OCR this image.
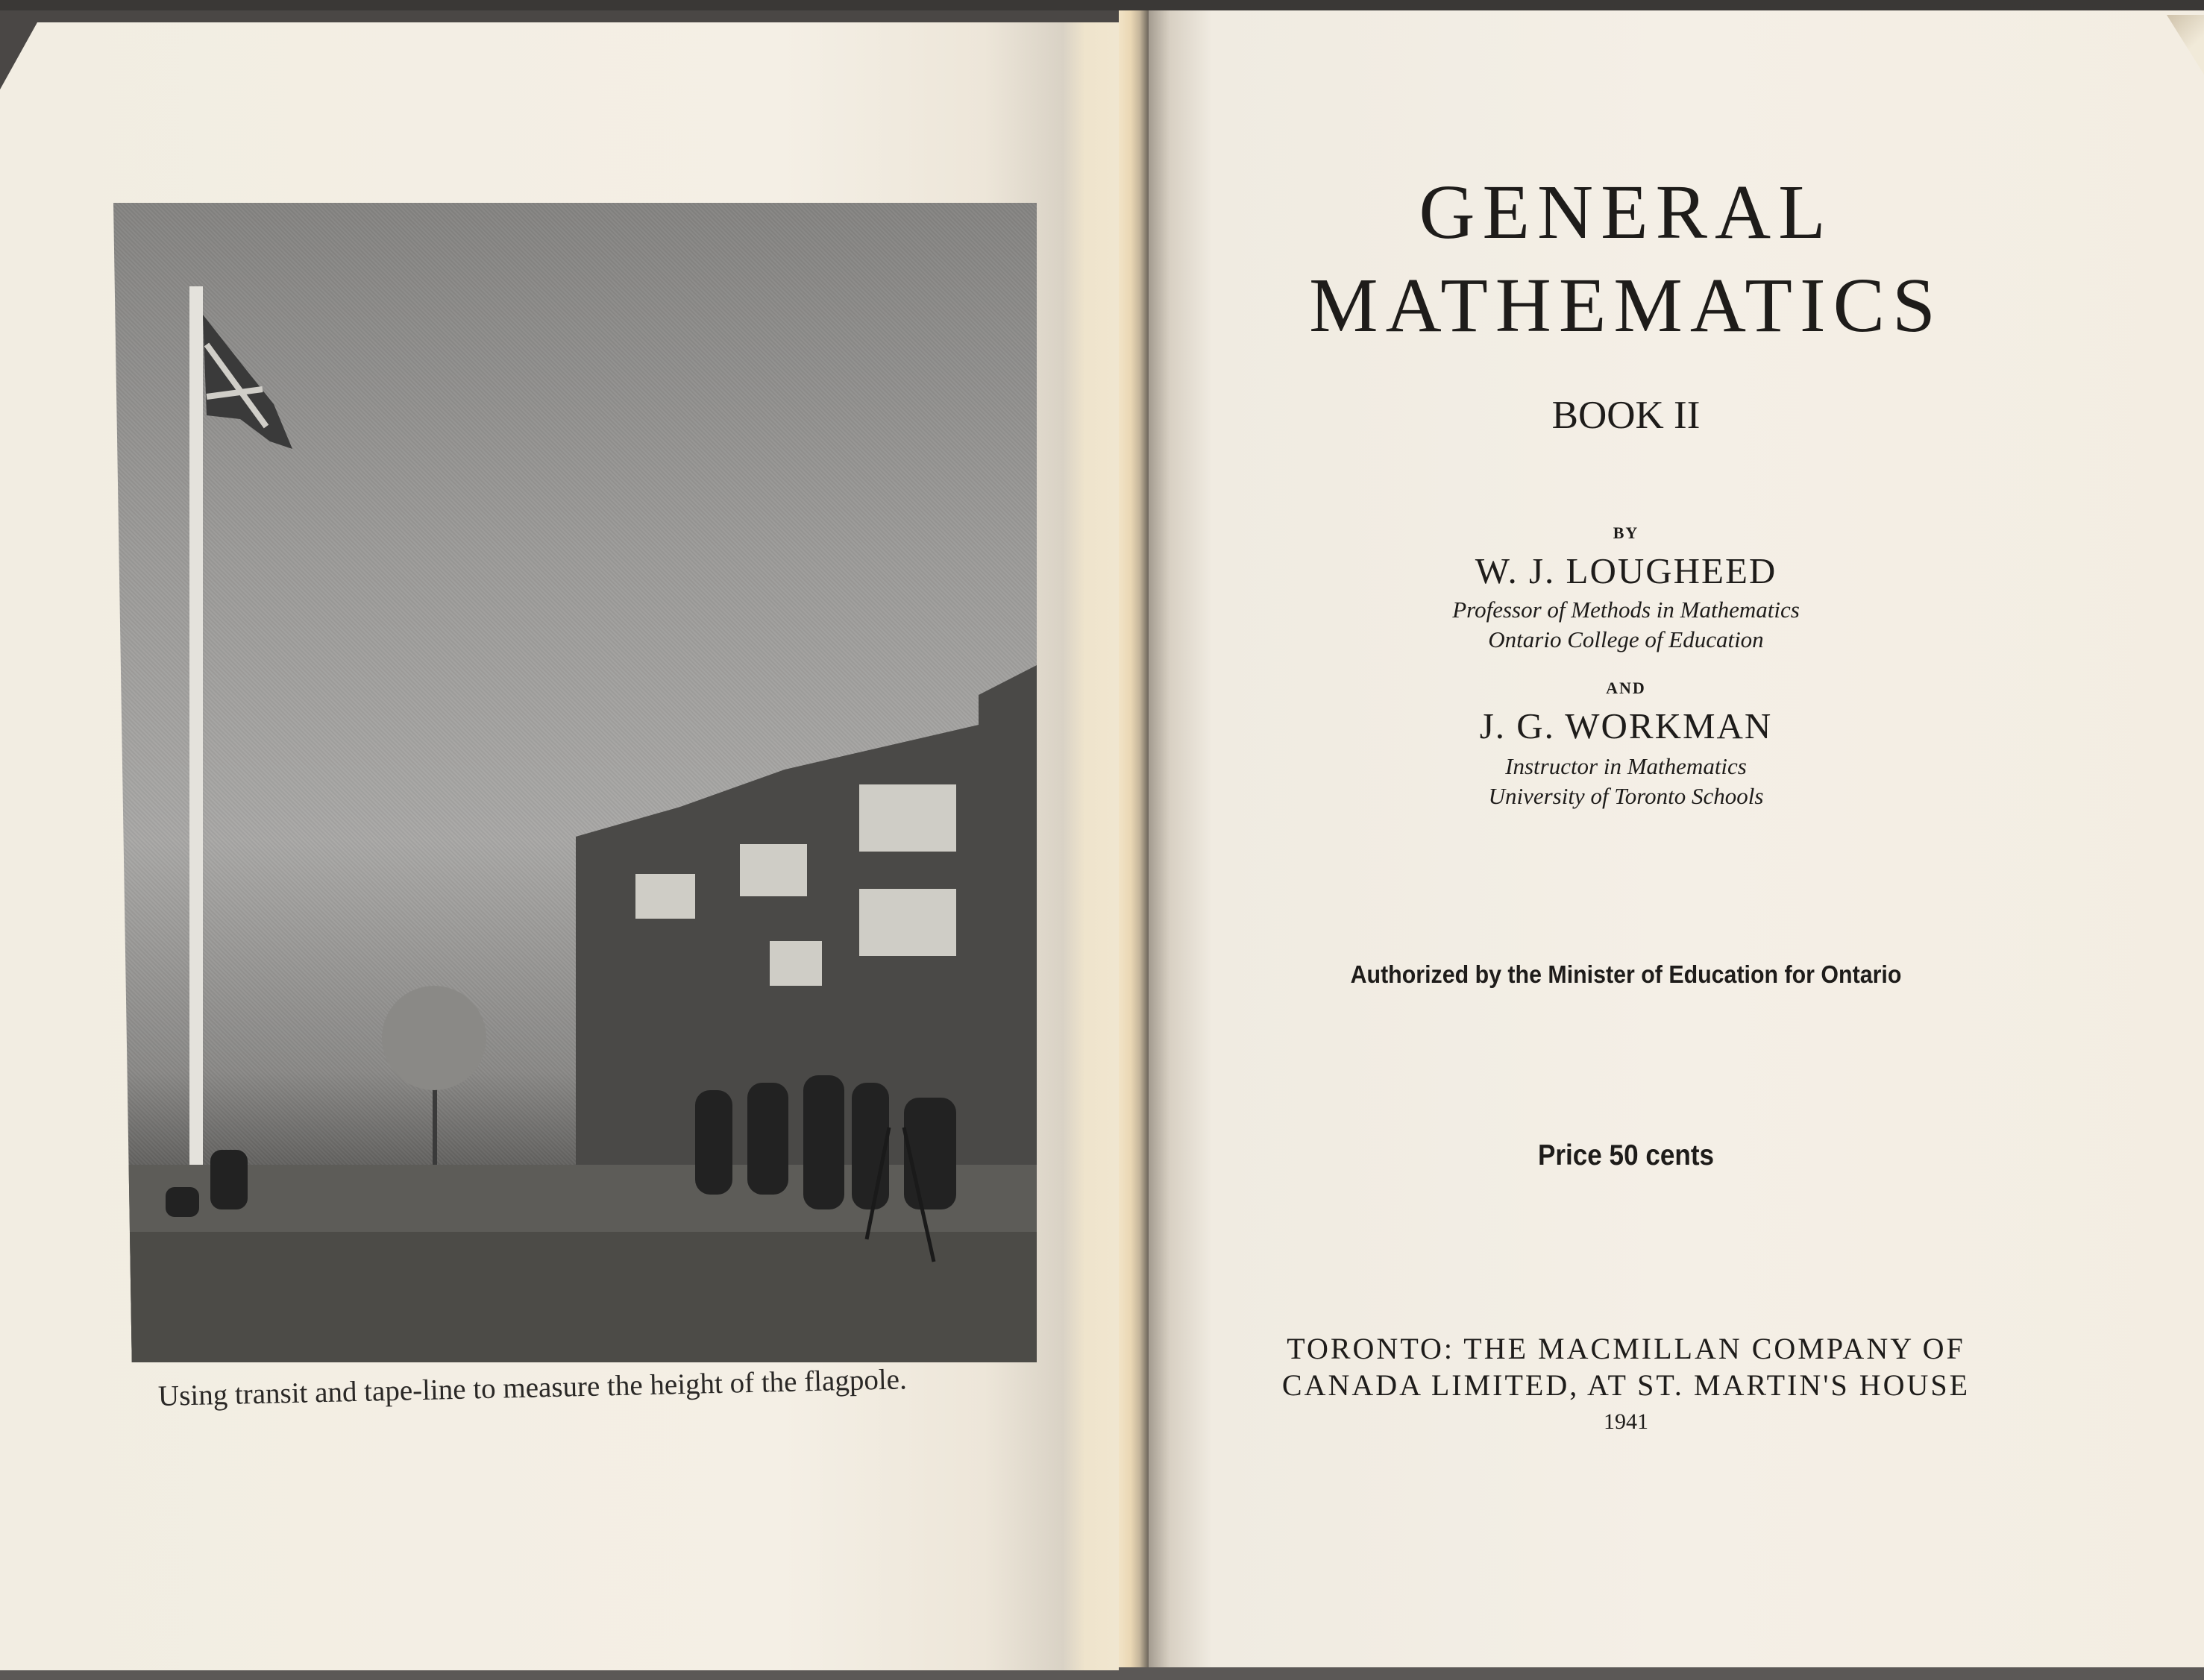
Using transit and tape-line to measure the height of the flagpole.
GENERAL
MATHEMATICS
BOOK II
BY
W. J. LOUGHEED
Professor of Methods in Mathematics
Ontario College of Education
AND
J. G. WORKMAN
Instructor in Mathematics
University of Toronto Schools
Authorized by the Minister of Education for Ontario
Price 50 cents
TORONTO: THE MACMILLAN COMPANY OF
CANADA LIMITED, AT ST. MARTIN'S HOUSE
1941
